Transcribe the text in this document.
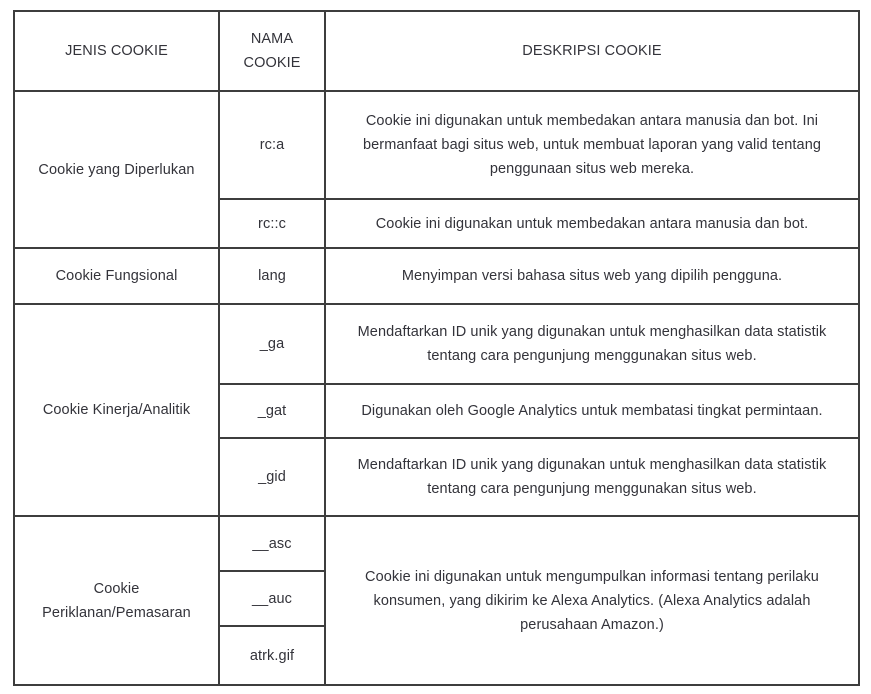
JENIS COOKIE	NAMA COOKIE	DESKRIPSI COOKIE
Cookie yang Diperlukan	rc:a	Cookie ini digunakan untuk membedakan antara manusia dan bot. Ini bermanfaat bagi situs web, untuk membuat laporan yang valid tentang penggunaan situs web mereka.
	rc::c	Cookie ini digunakan untuk membedakan antara manusia dan bot.
Cookie Fungsional	lang	Menyimpan versi bahasa situs web yang dipilih pengguna.
Cookie Kinerja/Analitik	_ga	Mendaftarkan ID unik yang digunakan untuk menghasilkan data statistik tentang cara pengunjung menggunakan situs web.
	_gat	Digunakan oleh Google Analytics untuk membatasi tingkat permintaan.
	_gid	Mendaftarkan ID unik yang digunakan untuk menghasilkan data statistik tentang cara pengunjung menggunakan situs web.
Cookie Periklanan/Pemasaran	__asc	Cookie ini digunakan untuk mengumpulkan informasi tentang perilaku konsumen, yang dikirim ke Alexa Analytics. (Alexa Analytics adalah perusahaan Amazon.)
	__auc	
	atrk.gif	
